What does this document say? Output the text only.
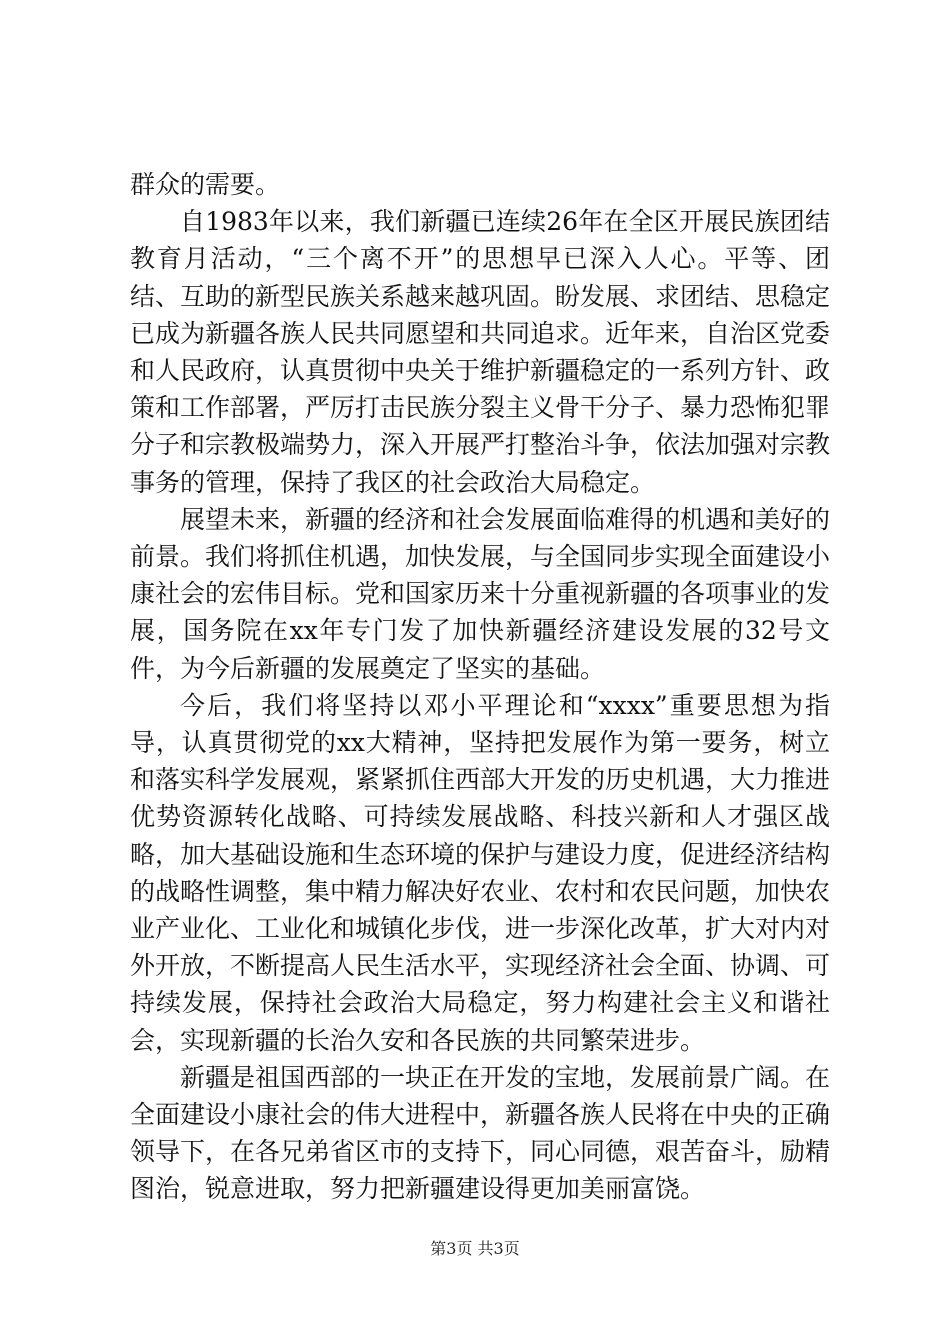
群众的需要。

自1983年以来，我们新疆已连续26年在全区开展民族团结教育月活动，“三个离不开”的思想早已深入人心。平等、团结、互助的新型民族关系越来越巩固。盼发展、求团结、思稳定已成为新疆各族人民共同愿望和共同追求。近年来，自治区党委和人民政府，认真贯彻中央关于维护新疆稳定的一系列方针、政策和工作部署，严厉打击民族分裂主义骨干分子、暴力恐怖犯罪分子和宗教极端势力，深入开展严打整治斗争，依法加强对宗教事务的管理，保持了我区的社会政治大局稳定。

展望未来，新疆的经济和社会发展面临难得的机遇和美好的前景。我们将抓住机遇，加快发展，与全国同步实现全面建设小康社会的宏伟目标。党和国家历来十分重视新疆的各项事业的发展，国务院在xx年专门发了加快新疆经济建设发展的32号文件，为今后新疆的发展奠定了坚实的基础。

今后，我们将坚持以邓小平理论和“xxxx”重要思想为指导，认真贯彻党的xx大精神，坚持把发展作为第一要务，树立和落实科学发展观，紧紧抓住西部大开发的历史机遇，大力推进优势资源转化战略、可持续发展战略、科技兴新和人才强区战略，加大基础设施和生态环境的保护与建设力度，促进经济结构的战略性调整，集中精力解决好农业、农村和农民问题，加快农业产业化、工业化和城镇化步伐，进一步深化改革，扩大对内对外开放，不断提高人民生活水平，实现经济社会全面、协调、可持续发展，保持社会政治大局稳定，努力构建社会主义和谐社会，实现新疆的长治久安和各民族的共同繁荣进步。

新疆是祖国西部的一块正在开发的宝地，发展前景广阔。在全面建设小康社会的伟大进程中，新疆各族人民将在中央的正确领导下，在各兄弟省区市的支持下，同心同德，艰苦奋斗，励精图治，锐意进取，努力把新疆建设得更加美丽富饶。

第3页 共3页
